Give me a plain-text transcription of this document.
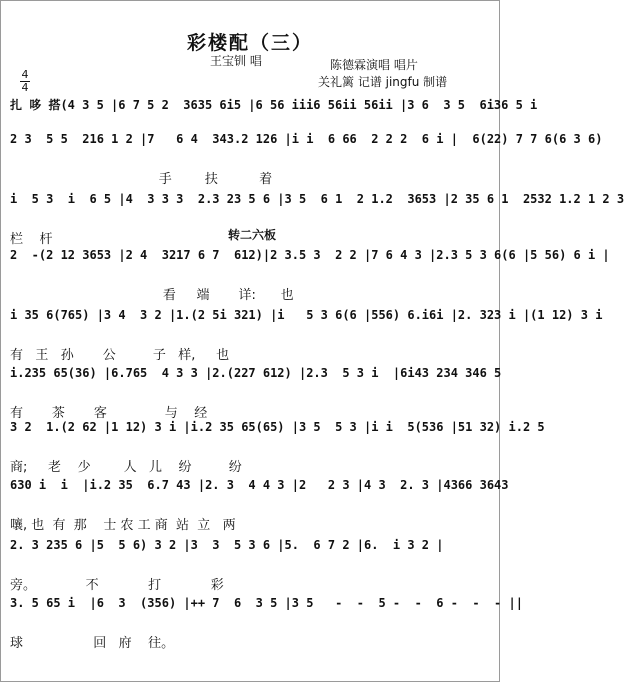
彩楼配（三）
王宝钏 唱	陈德霖演唱 唱片
关礼篱 记谱 jingfu 制谱
4
4
转二六板
扎 哆 搭(4 3 5 |6 7 5 2  3635 6i5 |6 56 iii6 56ii 56ii |3 6  3 5  6i36 5 i
2 3  5 5  216 1 2 |7   6 4  343.2 126 |i i  6 66  2 2 2  6 i |  6(22) 7 7 6(6 3 6)
手        扶          着
i  5 3  i  6 5 |4  3 3 3  2.3 23 5 6 |3 5  6 1  2 1.2  3653 |2 35 6 1  2532 1.2 1 2 3
栏    杆
2  -(2 12 3653 |2 4  3217 6 7  612)|2 3.5 3  2 2 |7 6 4 3 |2.3 5 3 6(6 |5 56) 6 i |
看     端       详:      也
i 35 6(765) |3 4  3 2 |1.(2 5i 321) |i   5 3 6(6 |556) 6.i6i |2. 323 i |(1 12) 3 i
有   王   孙       公         子   样,     也
i.235 65(36) |6.765  4 3 3 |2.(227 612) |2.3  5 3 i  |6i43 234 346 5
有       茶       客              与    经
3 2  1.(2 62 |1 12) 3 i |i.2 35 65(65) |3 5  5 3 |i i  5(536 |51 32) i.2 5
商;     老    少        人   儿    纷         纷
630 i  i  |i.2 35  6.7 43 |2. 3  4 4 3 |2   2 3 |4 3  2. 3 |4366 3643
嚷, 也  有  那    士 农 工 商  站  立   两
2. 3 235 6 |5  5 6) 3 2 |3  3  5 3 6 |5.  6 7 2 |6.  i 3 2 |
旁。            不            打            彩
3. 5 65 i  |6  3  (356) |++ 7  6  3 5 |3 5   -  -  5 -  -  6 -  -  - ||
球                 回   府    往。
